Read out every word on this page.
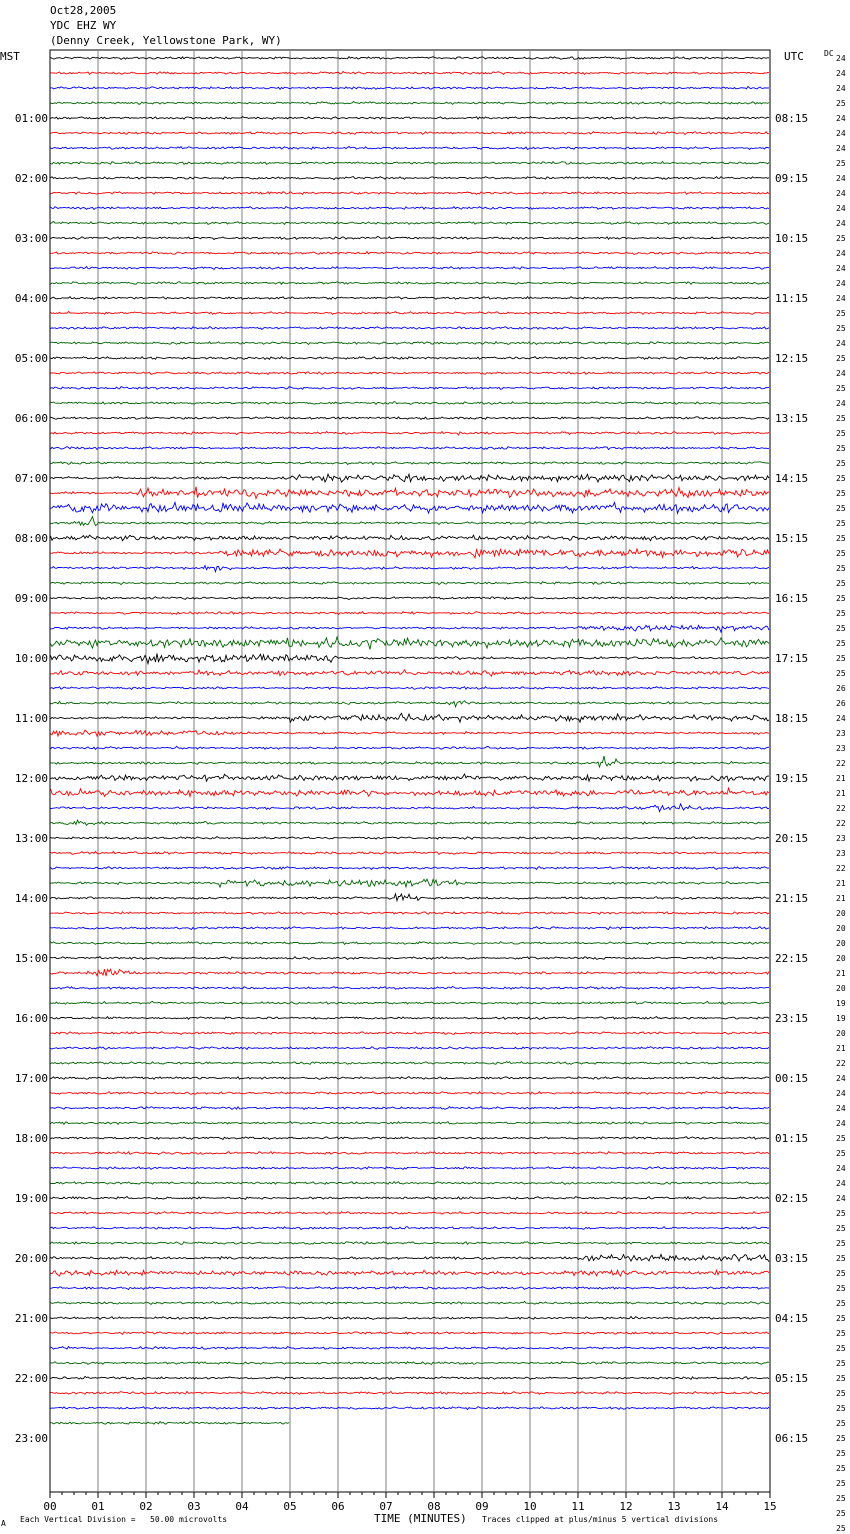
Oct28,2005
YDC EHZ WY
(Denny Creek, Yellowstone Park, WY)
MST	UTC	DC
00	01	02	03	04	05	06	07	08	09	10	11	12	13	14	15
01:00
02:00
03:00
04:00
05:00
06:00
07:00
08:00
09:00
10:00
11:00
12:00
13:00
14:00
15:00
16:00
17:00
18:00
19:00
20:00
21:00
22:00
23:00
08:15
09:15
10:15
11:15
12:15
13:15
14:15
15:15
16:15
17:15
18:15
19:15
20:15
21:15
22:15
23:15
00:15
01:15
02:15
03:15
04:15
05:15
06:15
24
24
24
25
24
24
24
25
24
24
24
24
25
24
24
24
24
25
25
24
25
24
25
24
25
25
25
25
25
25
25
25
25
25
25
25
25
25
25
25
25
25
26
26
24
23
23
22
21
21
22
22
23
23
22
21
21
20
20
20
20
21
20
19
19
20
21
22
24
24
24
24
25
25
24
24
24
25
25
25
25
25
25
25
25
25
25
25
25
25
25
25
25
25
25
25
25
25
25
A Each Vertical Division =   50.00 microvolts	TIME (MINUTES) Traces clipped at plus/minus 5 vertical divisions
